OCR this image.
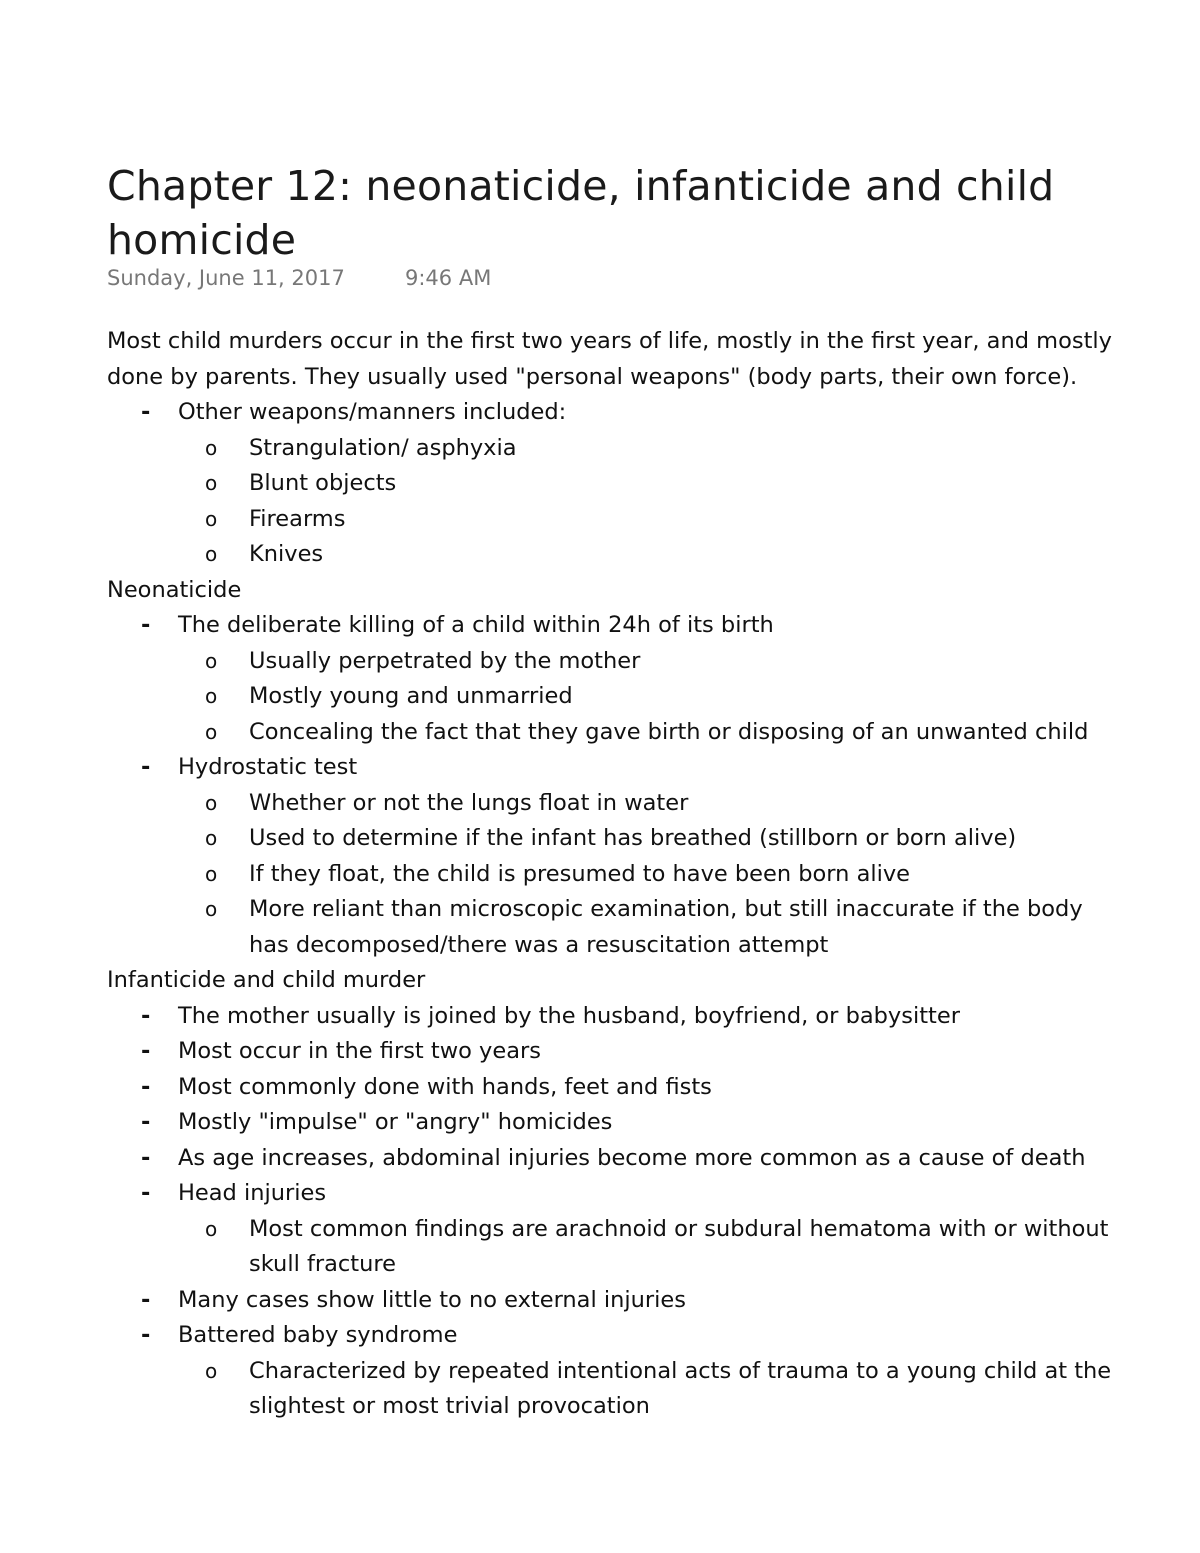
Chapter 12: neonaticide, infanticide and child homicide
Sunday, June 11, 2017	9:46 AM

Most child murders occur in the first two years of life, mostly in the first year, and mostly done by parents. They usually used "personal weapons" (body parts, their own force).

- Other weapons/manners included:
o Strangulation/ asphyxia
o Blunt objects
o Firearms
o Knives

Neonaticide

- The deliberate killing of a child within 24h of its birth
o Usually perpetrated by the mother
o Mostly young and unmarried
o Concealing the fact that they gave birth or disposing of an unwanted child
- Hydrostatic test
o Whether or not the lungs float in water
o Used to determine if the infant has breathed (stillborn or born alive)
o If they float, the child is presumed to have been born alive
o More reliant than microscopic examination, but still inaccurate if the body has decomposed/there was a resuscitation attempt

Infanticide and child murder

- The mother usually is joined by the husband, boyfriend, or babysitter
- Most occur in the first two years
- Most commonly done with hands, feet and fists
- Mostly "impulse" or "angry" homicides
- As age increases, abdominal injuries become more common as a cause of death
- Head injuries
o Most common findings are arachnoid or subdural hematoma with or without skull fracture
- Many cases show little to no external injuries
- Battered baby syndrome
o Characterized by repeated intentional acts of trauma to a young child at the slightest or most trivial provocation
